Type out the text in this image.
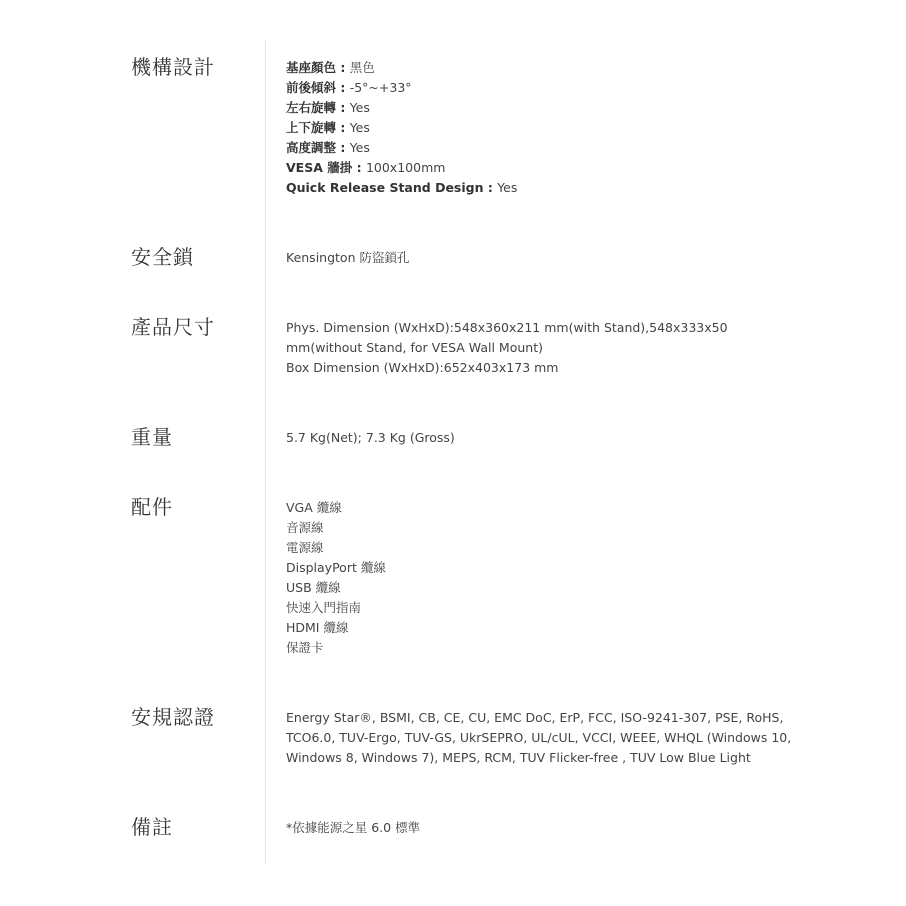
機構設計	基座顏色 : 黑色
前後傾斜 : -5°~+33°
左右旋轉 : Yes
上下旋轉 : Yes
高度調整 : Yes
VESA 牆掛 : 100x100mm
Quick Release Stand Design : Yes
安全鎖	Kensington 防盜鎖孔
產品尺寸	Phys. Dimension (WxHxD):548x360x211 mm(with Stand),548x333x50 mm(without Stand, for VESA Wall Mount)
Box Dimension (WxHxD):652x403x173 mm
重量	5.7 Kg(Net); 7.3 Kg (Gross)
配件	VGA 纜線
音源線
電源線
DisplayPort 纜線
USB 纜線
快速入門指南
HDMI 纜線
保證卡
安規認證	Energy Star®, BSMI, CB, CE, CU, EMC DoC, ErP, FCC, ISO-9241-307, PSE, RoHS, TCO6.0, TUV-Ergo, TUV-GS, UkrSEPRO, UL/cUL, VCCI, WEEE, WHQL (Windows 10, Windows 8, Windows 7), MEPS, RCM, TUV Flicker-free , TUV Low Blue Light
備註	*依據能源之星 6.0 標準
